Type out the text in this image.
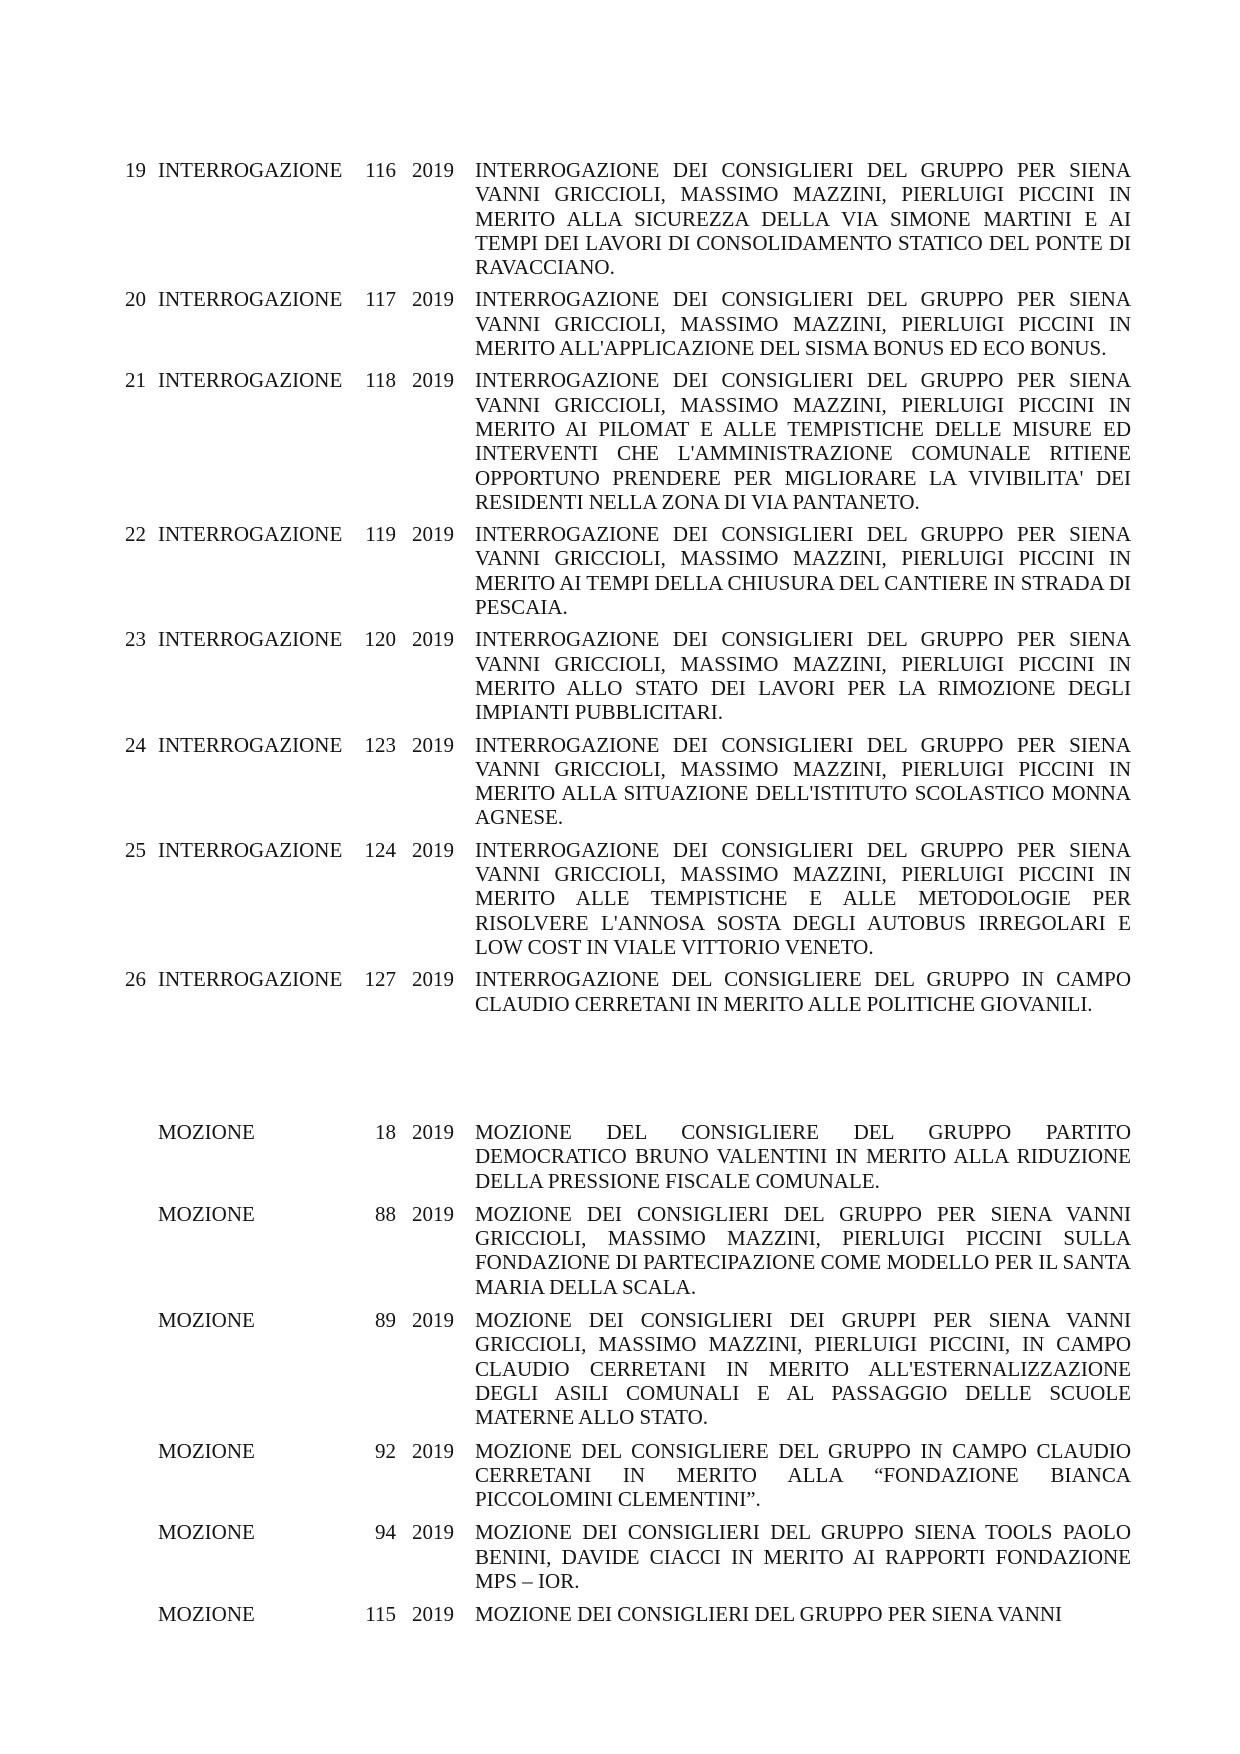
19 INTERROGAZIONE	116 2019 INTERROGAZIONE DEI CONSIGLIERI DEL GRUPPO PER SIENA VANNI GRICCIOLI, MASSIMO MAZZINI, PIERLUIGI PICCINI IN MERITO ALLA SICUREZZA DELLA VIA SIMONE MARTINI E AI TEMPI DEI LAVORI DI CONSOLIDAMENTO STATICO DEL PONTE DI RAVACCIANO.
20 INTERROGAZIONE	117 2019 INTERROGAZIONE DEI CONSIGLIERI DEL GRUPPO PER SIENA VANNI GRICCIOLI, MASSIMO MAZZINI, PIERLUIGI PICCINI IN MERITO ALL'APPLICAZIONE DEL SISMA BONUS ED ECO BONUS.
21 INTERROGAZIONE	118 2019 INTERROGAZIONE DEI CONSIGLIERI DEL GRUPPO PER SIENA VANNI GRICCIOLI, MASSIMO MAZZINI, PIERLUIGI PICCINI IN MERITO AI PILOMAT E ALLE TEMPISTICHE DELLE MISURE ED INTERVENTI CHE L'AMMINISTRAZIONE COMUNALE RITIENE OPPORTUNO PRENDERE PER MIGLIORARE LA VIVIBILITA' DEI RESIDENTI NELLA ZONA DI VIA PANTANETO.
22 INTERROGAZIONE	119 2019 INTERROGAZIONE DEI CONSIGLIERI DEL GRUPPO PER SIENA VANNI GRICCIOLI, MASSIMO MAZZINI, PIERLUIGI PICCINI IN MERITO AI TEMPI DELLA CHIUSURA DEL CANTIERE IN STRADA DI PESCAIA.
23 INTERROGAZIONE	120 2019 INTERROGAZIONE DEI CONSIGLIERI DEL GRUPPO PER SIENA VANNI GRICCIOLI, MASSIMO MAZZINI, PIERLUIGI PICCINI IN MERITO ALLO STATO DEI LAVORI PER LA RIMOZIONE DEGLI IMPIANTI PUBBLICITARI.
24 INTERROGAZIONE	123 2019 INTERROGAZIONE DEI CONSIGLIERI DEL GRUPPO PER SIENA VANNI GRICCIOLI, MASSIMO MAZZINI, PIERLUIGI PICCINI IN MERITO ALLA SITUAZIONE DELL'ISTITUTO SCOLASTICO MONNA AGNESE.
25 INTERROGAZIONE	124 2019 INTERROGAZIONE DEI CONSIGLIERI DEL GRUPPO PER SIENA VANNI GRICCIOLI, MASSIMO MAZZINI, PIERLUIGI PICCINI IN MERITO ALLE TEMPISTICHE E ALLE METODOLOGIE PER RISOLVERE L'ANNOSA SOSTA DEGLI AUTOBUS IRREGOLARI E LOW COST IN VIALE VITTORIO VENETO.
26 INTERROGAZIONE	127 2019 INTERROGAZIONE DEL CONSIGLIERE DEL GRUPPO IN CAMPO CLAUDIO CERRETANI IN MERITO ALLE POLITICHE GIOVANILI.
MOZIONE	18 2019 MOZIONE DEL CONSIGLIERE DEL GRUPPO PARTITO DEMOCRATICO BRUNO VALENTINI IN MERITO ALLA RIDUZIONE DELLA PRESSIONE FISCALE COMUNALE.
MOZIONE	88 2019 MOZIONE DEI CONSIGLIERI DEL GRUPPO PER SIENA VANNI GRICCIOLI, MASSIMO MAZZINI, PIERLUIGI PICCINI SULLA FONDAZIONE DI PARTECIPAZIONE COME MODELLO PER IL SANTA MARIA DELLA SCALA.
MOZIONE	89 2019 MOZIONE DEI CONSIGLIERI DEI GRUPPI PER SIENA VANNI GRICCIOLI, MASSIMO MAZZINI, PIERLUIGI PICCINI, IN CAMPO CLAUDIO CERRETANI IN MERITO ALL'ESTERNALIZZAZIONE DEGLI ASILI COMUNALI E AL PASSAGGIO DELLE SCUOLE MATERNE ALLO STATO.
MOZIONE	92 2019 MOZIONE DEL CONSIGLIERE DEL GRUPPO IN CAMPO CLAUDIO CERRETANI IN MERITO ALLA “FONDAZIONE BIANCA PICCOLOMINI CLEMENTINI”.
MOZIONE	94 2019 MOZIONE DEI CONSIGLIERI DEL GRUPPO SIENA TOOLS PAOLO BENINI, DAVIDE CIACCI IN MERITO AI RAPPORTI FONDAZIONE MPS – IOR.
MOZIONE	115 2019 MOZIONE DEI CONSIGLIERI DEL GRUPPO PER SIENA VANNI
